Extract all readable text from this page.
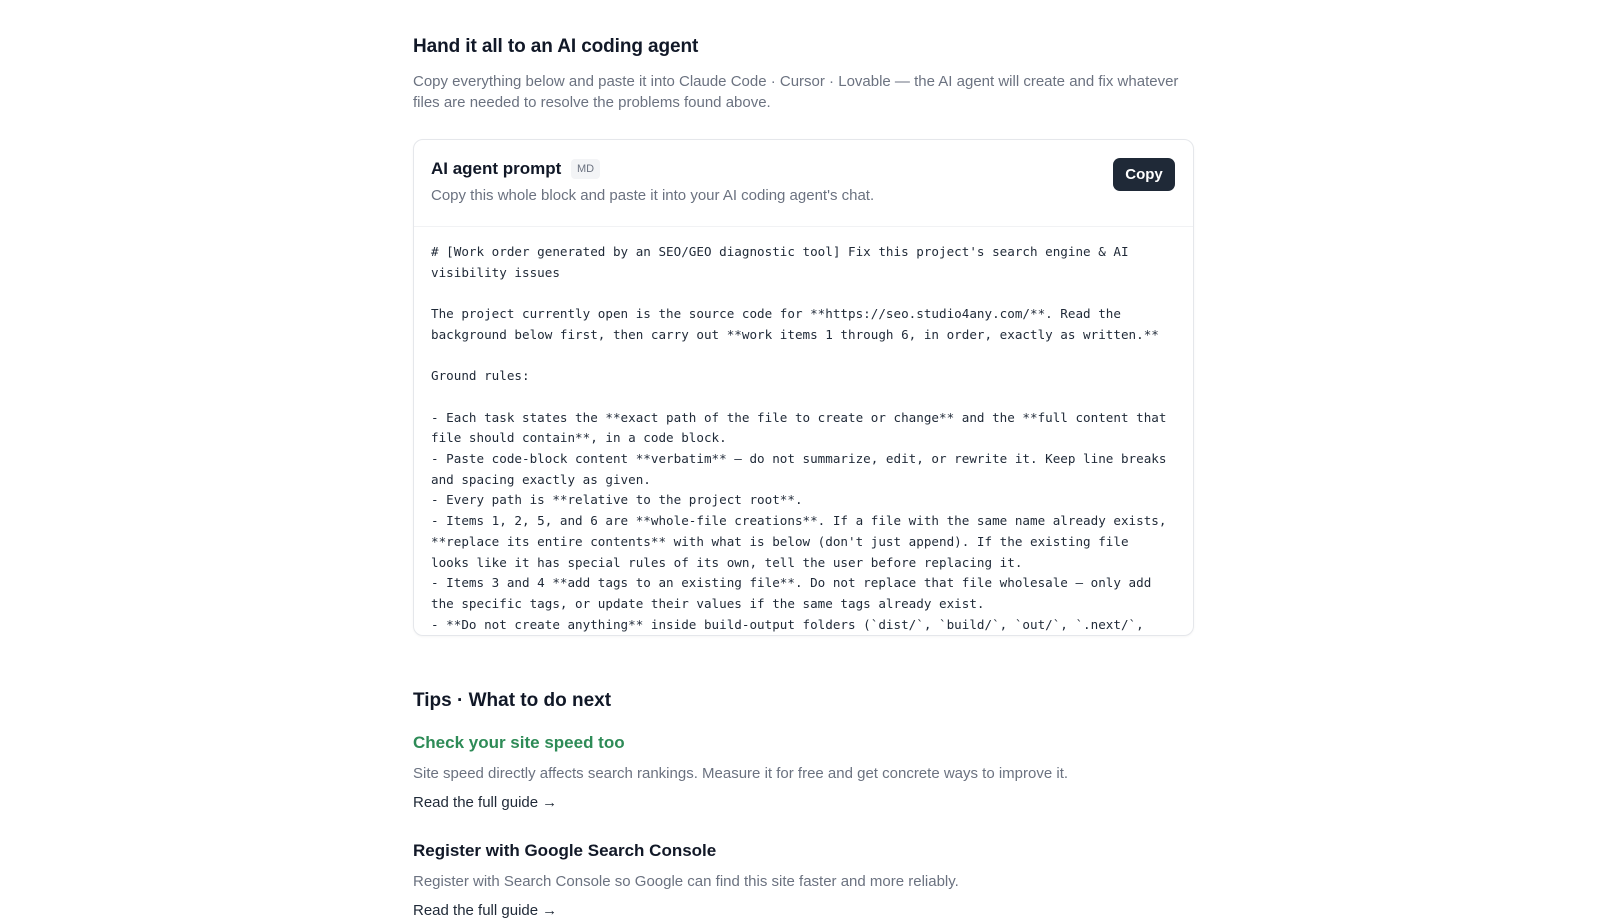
Hand it all to an AI coding agent

Copy everything below and paste it into Claude Code · Cursor · Lovable — the AI agent will create and fix whatever files are needed to resolve the problems found above.

AI agent prompt	MD
Copy this whole block and paste it into your AI coding agent's chat.
Copy
# [Work order generated by an SEO/GEO diagnostic tool] Fix this project's search engine & AI
visibility issues

The project currently open is the source code for **https://seo.studio4any.com/**. Read the
background below first, then carry out **work items 1 through 6, in order, exactly as written.**

Ground rules:

- Each task states the **exact path of the file to create or change** and the **full content that
file should contain**, in a code block.
- Paste code-block content **verbatim** — do not summarize, edit, or rewrite it. Keep line breaks
and spacing exactly as given.
- Every path is **relative to the project root**.
- Items 1, 2, 5, and 6 are **whole-file creations**. If a file with the same name already exists,
**replace its entire contents** with what is below (don't just append). If the existing file
looks like it has special rules of its own, tell the user before replacing it.
- Items 3 and 4 **add tags to an existing file**. Do not replace that file wholesale — only add
the specific tags, or update their values if the same tags already exist.
- **Do not create anything** inside build-output folders (`dist/`, `build/`, `out/`, `.next/`,
Tips · What to do next
Check your site speed too

Site speed directly affects search rankings. Measure it for free and get concrete ways to improve it.

Read the full guide →
Register with Google Search Console

Register with Search Console so Google can find this site faster and more reliably.

Read the full guide →
